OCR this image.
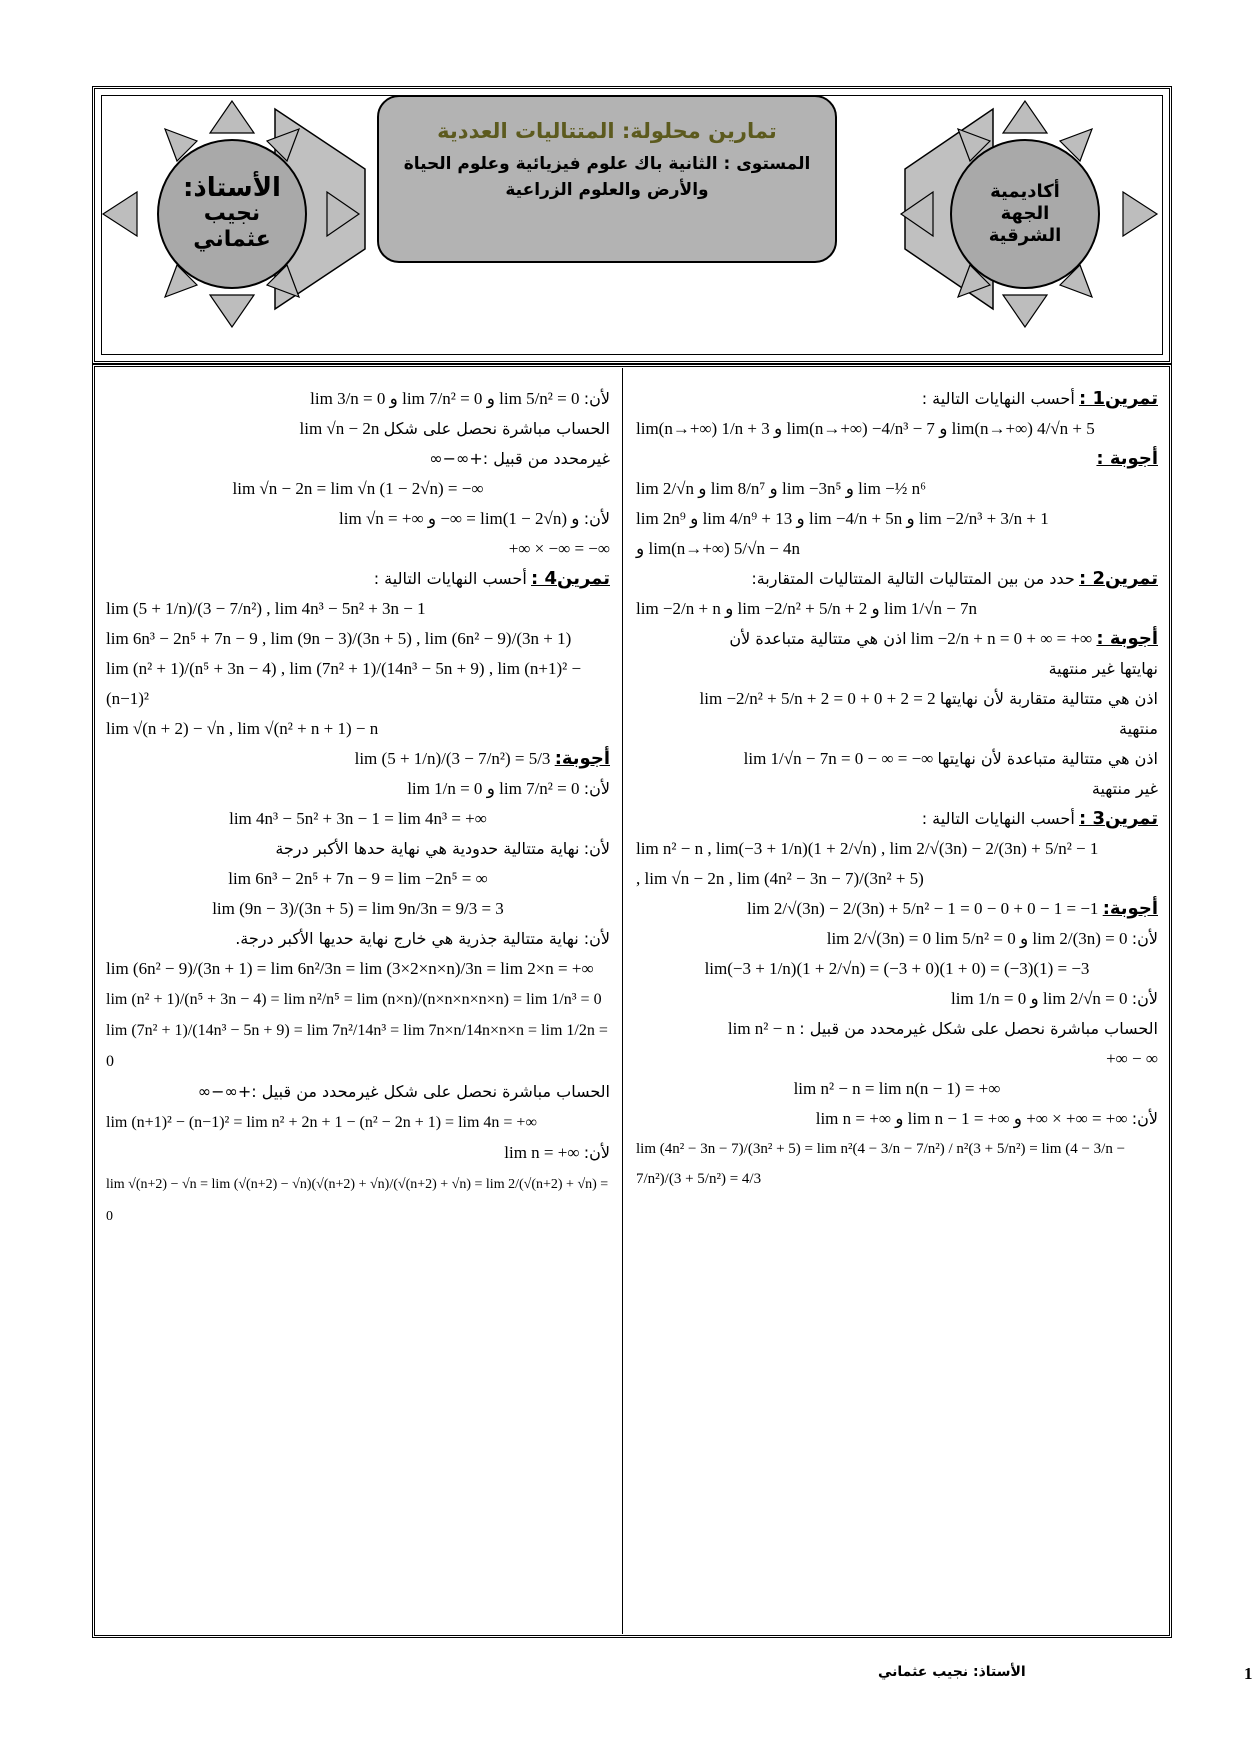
الأستاذ:
نجيب
عثماني
أكاديمية
الجهة
الشرقية
تمارين محلولة: المتتاليات العددية
المستوى : الثانية باك علوم فيزيائية وعلوم الحياة
والأرض والعلوم الزراعية

تمرين1 : أحسب النهايات التالية :

lim(n→+∞) 1/n + 3 و lim(n→+∞) −4/n³ − 7 و lim(n→+∞) 4/√n + 5

أجوبة :

lim 2/√n و lim 8/n⁷ و lim −3n⁵ و lim −½ n⁶

lim 2n⁹ و lim 4/n⁹ + 13 و lim −4/n + 5n و lim −2/n³ + 3/n + 1

و lim(n→+∞) 5/√n − 4n

تمرين2 : حدد من بين المتتاليات التالية المتتاليات المتقاربة:

lim −2/n + n و lim −2/n² + 5/n + 2 و lim 1/√n − 7n

أجوبة : lim −2/n + n = 0 + ∞ = +∞ اذن هي متتالية متباعدة لأن

نهايتها غير منتهية

اذن هي متتالية متقاربة لأن نهايتها lim −2/n² + 5/n + 2 = 0 + 0 + 2 = 2

منتهية

اذن هي متتالية متباعدة لأن نهايتها lim 1/√n − 7n = 0 − ∞ = −∞

غير منتهية

تمرين3 : أحسب النهايات التالية :

lim n² − n , lim(−3 + 1/n)(1 + 2/√n) , lim 2/√(3n) − 2/(3n) + 5/n² − 1

, lim √n − 2n , lim (4n² − 3n − 7)/(3n² + 5)

أجوبة: lim 2/√(3n) − 2/(3n) + 5/n² − 1 = 0 − 0 + 0 − 1 = −1

لأن: lim 2/√(3n) = 0 lim 5/n² = 0 و lim 2/(3n) = 0

lim(−3 + 1/n)(1 + 2/√n) = (−3 + 0)(1 + 0) = (−3)(1) = −3

لأن: lim 1/n = 0 و lim 2/√n = 0

الحساب مباشرة نحصل على شكل غيرمحدد من قبيل : lim n² − n

+∞ − ∞

lim n² − n = lim n(n − 1) = +∞

لأن: lim n = +∞ و lim n − 1 = +∞ و +∞ × +∞ = +∞

lim (4n² − 3n − 7)/(3n² + 5) = lim n²(4 − 3/n − 7/n²) / n²(3 + 5/n²) = lim (4 − 3/n − 7/n²)/(3 + 5/n²) = 4/3

لأن: lim 3/n = 0 و lim 7/n² = 0 و lim 5/n² = 0

الحساب مباشرة نحصل على شكل lim √n − 2n

غيرمحدد من قبيل :+∞−∞

lim √n − 2n = lim √n (1 − 2√n) = −∞

لأن: lim √n = +∞ و −∞ = lim(1 − 2√n) و

+∞ × −∞ = −∞

تمرين4 : أحسب النهايات التالية :

lim (5 + 1/n)/(3 − 7/n²) , lim 4n³ − 5n² + 3n − 1

lim 6n³ − 2n⁵ + 7n − 9 , lim (9n − 3)/(3n + 5) , lim (6n² − 9)/(3n + 1)

lim (n² + 1)/(n⁵ + 3n − 4) , lim (7n² + 1)/(14n³ − 5n + 9) , lim (n+1)² − (n−1)²

lim √(n + 2) − √n , lim √(n² + n + 1) − n

أجوبة: lim (5 + 1/n)/(3 − 7/n²) = 5/3

لأن: lim 1/n = 0 و lim 7/n² = 0

lim 4n³ − 5n² + 3n − 1 = lim 4n³ = +∞

لأن: نهاية متتالية حدودية هي نهاية حدها الأكبر درجة

lim 6n³ − 2n⁵ + 7n − 9 = lim −2n⁵ = ∞

lim (9n − 3)/(3n + 5) = lim 9n/3n = 9/3 = 3

لأن: نهاية متتالية جذرية هي خارج نهاية حديها الأكبر درجة.

lim (6n² − 9)/(3n + 1) = lim 6n²/3n = lim (3×2×n×n)/3n = lim 2×n = +∞

lim (n² + 1)/(n⁵ + 3n − 4) = lim n²/n⁵ = lim (n×n)/(n×n×n×n×n) = lim 1/n³ = 0

lim (7n² + 1)/(14n³ − 5n + 9) = lim 7n²/14n³ = lim 7n×n/14n×n×n = lim 1/2n = 0

الحساب مباشرة نحصل على شكل غيرمحدد من قبيل :+∞−∞

lim (n+1)² − (n−1)² = lim n² + 2n + 1 − (n² − 2n + 1) = lim 4n = +∞

لأن: lim n = +∞

lim √(n+2) − √n = lim (√(n+2) − √n)(√(n+2) + √n)/(√(n+2) + √n) = lim 2/(√(n+2) + √n) = 0

الأستاذ: نجيب عثماني	1
